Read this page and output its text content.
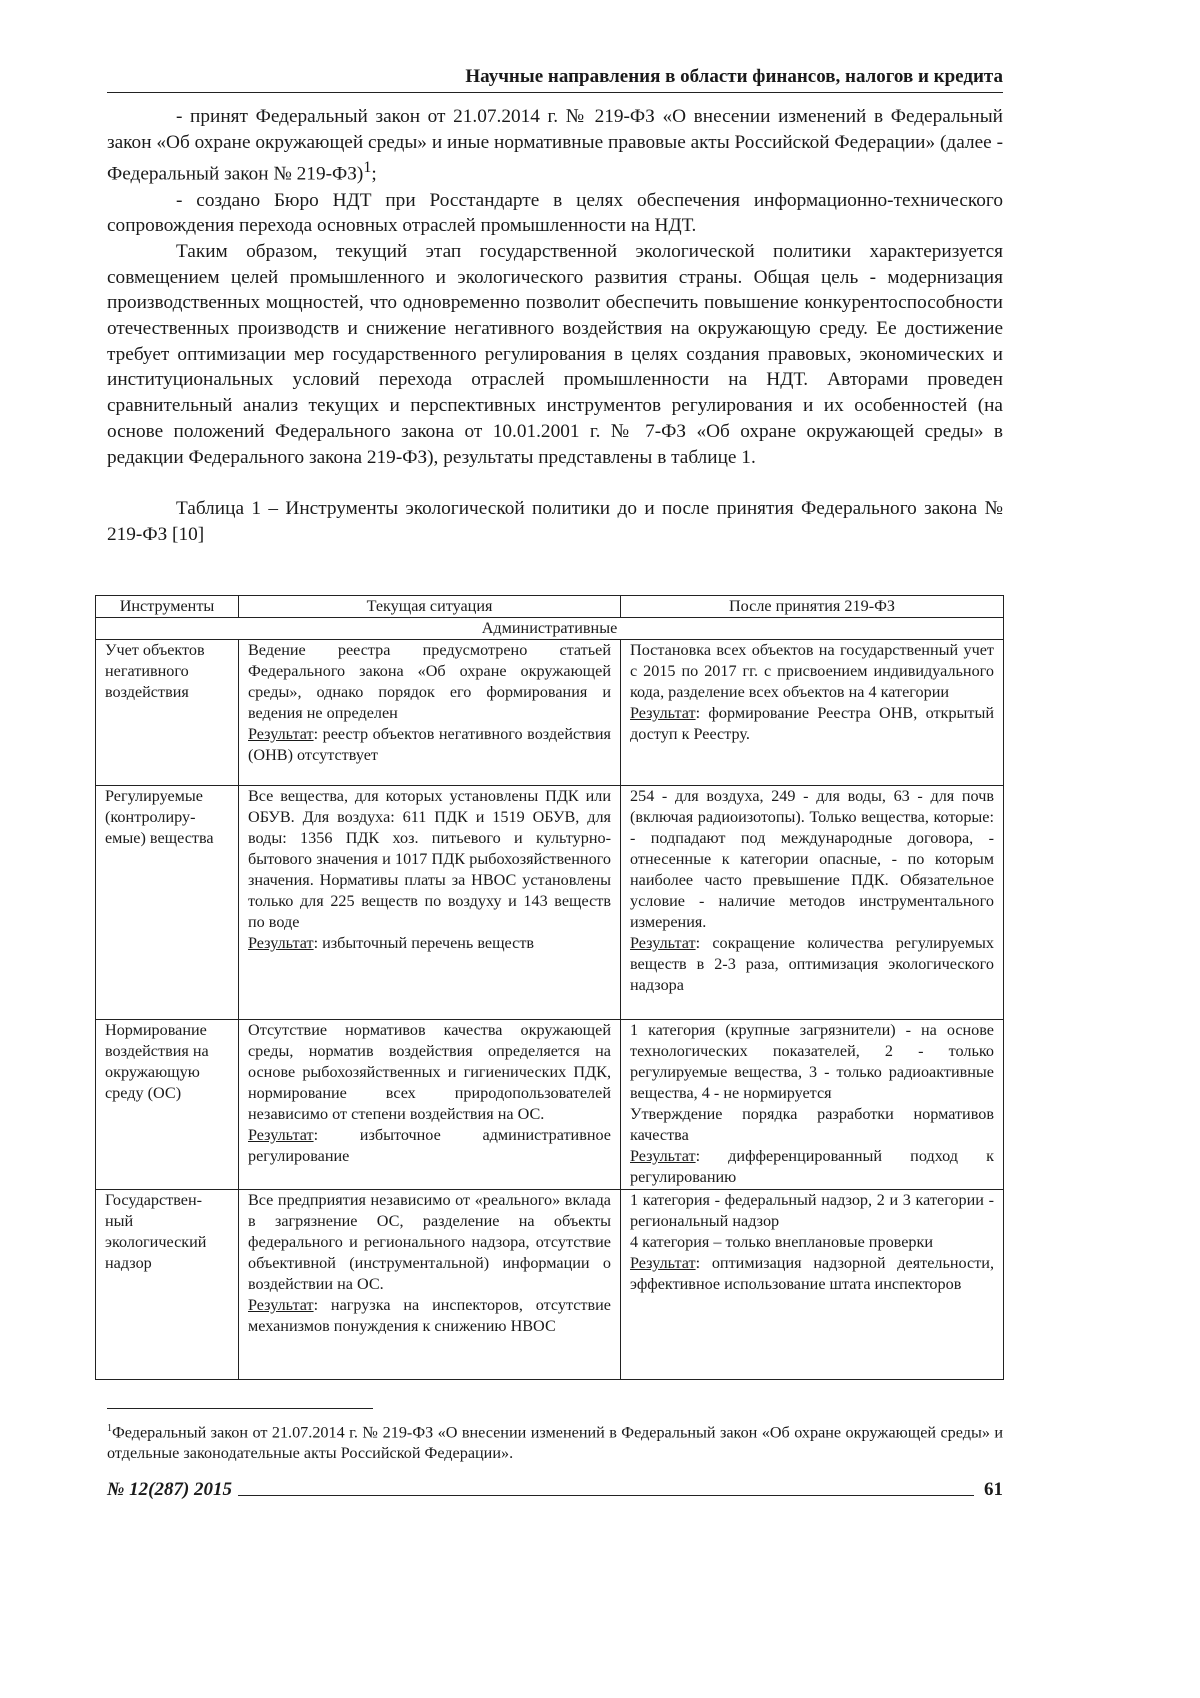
Научные направления в области финансов, налогов и кредита

- принят Федеральный закон от 21.07.2014 г. № 219-ФЗ «О внесении изменений в Федеральный закон «Об охране окружающей среды» и иные нормативные правовые акты Российской Федерации» (далее - Федеральный закон № 219-ФЗ)1;

- создано Бюро НДТ при Росстандарте в целях обеспечения информационно-технического сопровождения перехода основных отраслей промышленности на НДТ.

Таким образом, текущий этап государственной экологической политики характеризуется совмещением целей промышленного и экологического развития страны. Общая цель - модернизация производственных мощностей, что одновременно позволит обеспечить повышение конкурентоспособности отечественных производств и снижение негативного воздействия на окружающую среду. Ее достижение требует оптимизации мер государственного регулирования в целях создания правовых, экономических и институциональных условий перехода отраслей промышленности на НДТ. Авторами проведен сравнительный анализ текущих и перспективных инструментов регулирования и их особенностей (на основе положений Федерального закона от 10.01.2001 г. № 7-ФЗ «Об охране окружающей среды» в редакции Федерального закона 219-ФЗ), результаты представлены в таблице 1.

Таблица 1 – Инструменты экологической политики до и после принятия Федерального закона № 219-ФЗ [10]

Инструменты	Текущая ситуация	После принятия 219-ФЗ
Административные

Учет объектов негативного воздействия

Ведение реестра предусмотрено статьей Федерального закона «Об охране окружающей среды», однако порядок его формирования и ведения не определен

Результат: реестр объектов негативного воздействия (ОНВ) отсутствует

Постановка всех объектов на государственный учет с 2015 по 2017 гг. с присвоением индивидуального кода, разделение всех объектов на 4 категории

Результат: формирование Реестра ОНВ, открытый доступ к Реестру.

Регулируемые (контролиру-емые) вещества

Все вещества, для которых установлены ПДК или ОБУВ. Для воздуха: 611 ПДК и 1519 ОБУВ, для воды: 1356 ПДК хоз. питьевого и культурно-бытового значения и 1017 ПДК рыбохозяйственного значения. Нормативы платы за НВОС установлены только для 225 веществ по воздуху и 143 веществ по воде

Результат: избыточный перечень веществ

254 - для воздуха, 249 - для воды, 63 - для почв (включая радиоизотопы). Только вещества, которые: - подпадают под международные договора, - отнесенные к категории опасные, - по которым наиболее часто превышение ПДК. Обязательное условие - наличие методов инструментального измерения.

Результат: сокращение количества регулируемых веществ в 2-3 раза, оптимизация экологического надзора

Нормирование воздействия на окружающую среду (ОС)

Отсутствие нормативов качества окружающей среды, норматив воздействия определяется на основе рыбохозяйственных и гигиенических ПДК, нормирование всех природопользователей независимо от степени воздействия на ОС.

Результат: избыточное административное регулирование

1 категория (крупные загрязнители) - на основе технологических показателей, 2 - только регулируемые вещества, 3 - только радиоактивные вещества, 4 - не нормируется

Утверждение порядка разработки нормативов качества

Результат: дифференцированный подход к регулированию

Государствен-ный экологический надзор

Все предприятия независимо от «реального» вклада в загрязнение ОС, разделение на объекты федерального и регионального надзора, отсутствие объективной (инструментальной) информации о воздействии на ОС.

Результат: нагрузка на инспекторов, отсутствие механизмов понуждения к снижению НВОС

1 категория - федеральный надзор, 2 и 3 категории - региональный надзор

4 категория – только внеплановые проверки

Результат: оптимизация надзорной деятельности, эффективное использование штата инспекторов

1Федеральный закон от 21.07.2014 г. № 219-ФЗ «О внесении изменений в Федеральный закон «Об охране окружающей среды» и отдельные законодательные акты Российской Федерации».
№ 12(287) 2015	61
